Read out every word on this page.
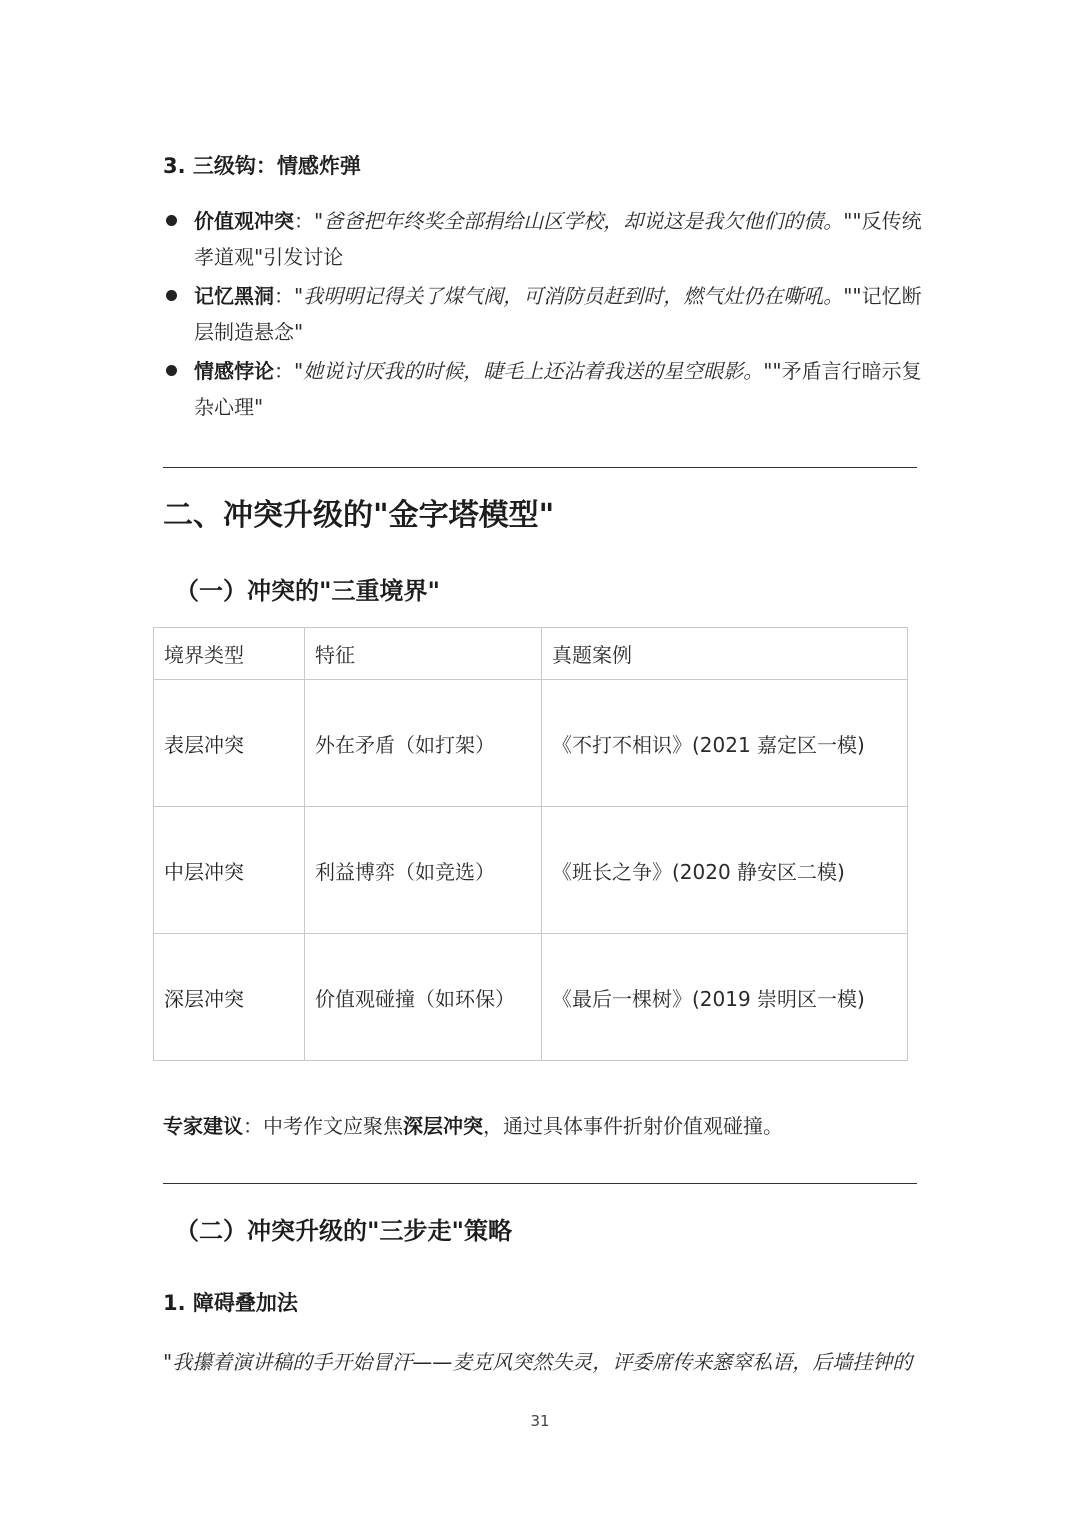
3. 三级钩：情感炸弹
价值观冲突："爸爸把年终奖全部捐给山区学校，却说这是我欠他们的债。""反传统孝道观"引发讨论
记忆黑洞："我明明记得关了煤气阀，可消防员赶到时，燃气灶仍在嘶吼。""记忆断层制造悬念"
情感悖论："她说讨厌我的时候，睫毛上还沾着我送的星空眼影。""矛盾言行暗示复杂心理"
二、冲突升级的"金字塔模型"
（一）冲突的"三重境界"
境界类型	特征	真题案例
表层冲突	外在矛盾（如打架）	《不打不相识》(2021 嘉定区一模)
中层冲突	利益博弈（如竞选）	《班长之争》(2020 静安区二模)
深层冲突	价值观碰撞（如环保）	《最后一棵树》(2019 崇明区一模)
专家建议：中考作文应聚焦深层冲突，通过具体事件折射价值观碰撞。
（二）冲突升级的"三步走"策略
1. 障碍叠加法
"我攥着演讲稿的手开始冒汗——麦克风突然失灵，评委席传来窸窣私语，后墙挂钟的
31
